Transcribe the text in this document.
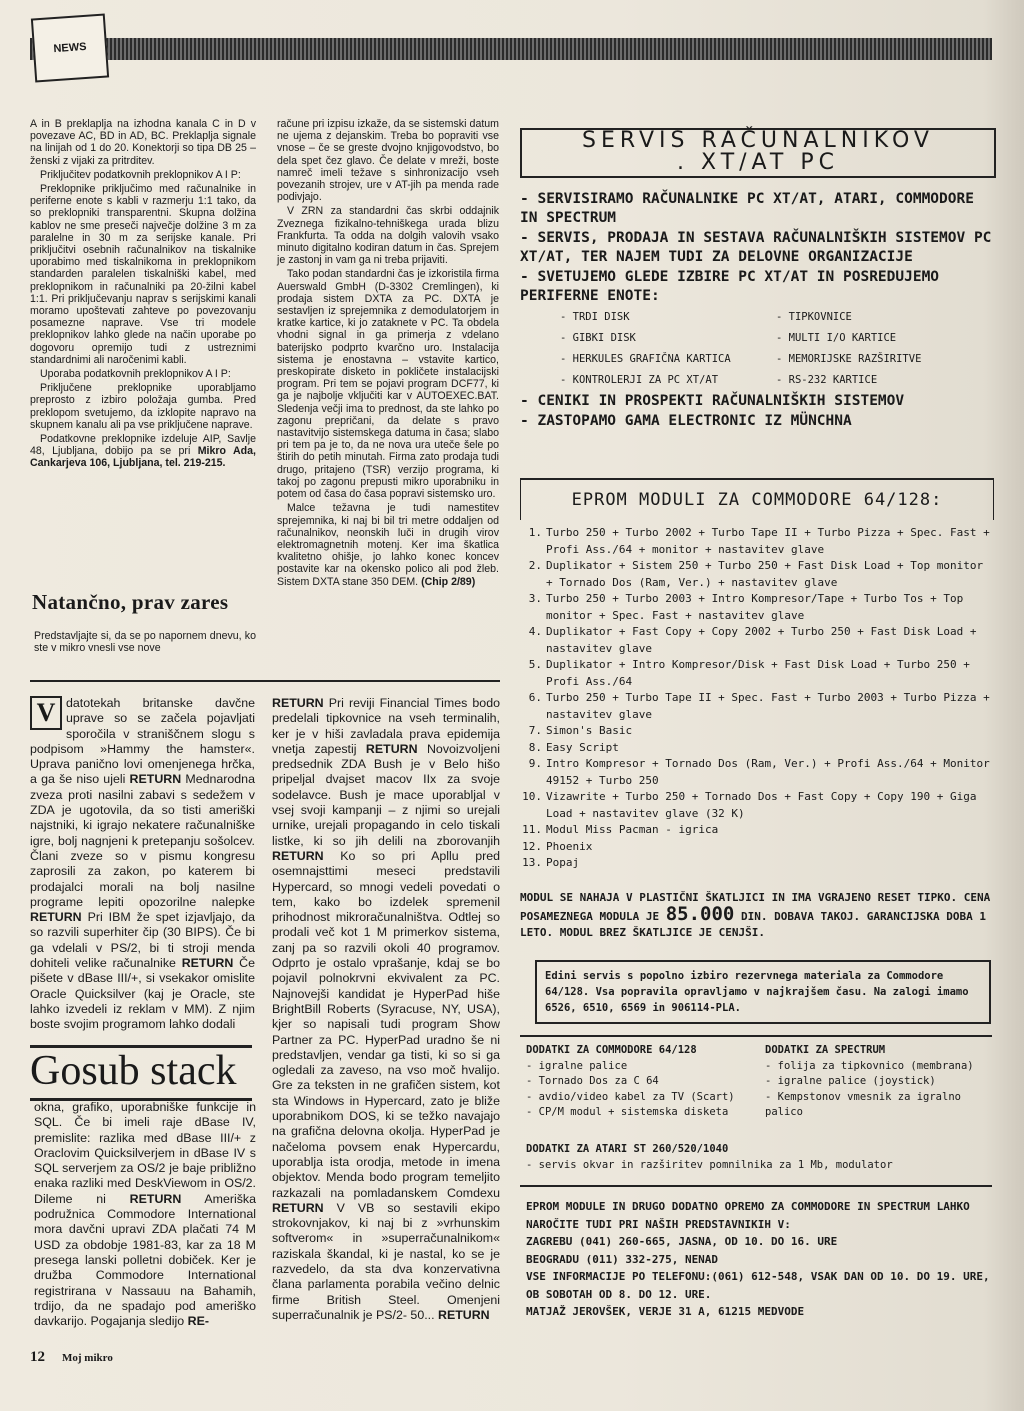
NEWS

A in B preklaplja na izhodna kanala C in D v povezave AC, BD in AD, BC. Preklaplja signale na linijah od 1 do 20. Konektorji so tipa DB 25 – ženski z vijaki za pritrditev.

Priključitev podatkovnih preklopnikov A I P:

Preklopnike priključimo med računalnike in periferne enote s kabli v razmerju 1:1 tako, da so preklopniki transparentni. Skupna dolžina kablov ne sme preseči največje dolžine 3 m za paralelne in 30 m za serijske kanale. Pri priključitvi osebnih računalnikov na tiskalnike uporabimo med tiskalnikoma in preklopnikom standarden paralelen tiskalniški kabel, med preklopnikom in računalniki pa 20-žilni kabel 1:1. Pri priključevanju naprav s serijskimi kanali moramo upoštevati zahteve po povezovanju posamezne naprave. Vse tri modele preklopnikov lahko glede na način uporabe po dogovoru opremijo tudi z ustreznimi standardnimi ali naročenimi kabli.

Uporaba podatkovnih preklopnikov A I P:

Priključene preklopnike uporabljamo preprosto z izbiro položaja gumba. Pred preklopom svetujemo, da izklopite napravo na skupnem kanalu ali pa vse priključene naprave.

Podatkovne preklopnike izdeluje AIP, Savlje 48, Ljubljana, dobijo pa se pri Mikro Ada, Cankarjeva 106, Ljubljana, tel. 219-215.

račune pri izpisu izkaže, da se sistemski datum ne ujema z dejanskim. Treba bo popraviti vse vnose – če se greste dvojno knjigovodstvo, bo dela spet čez glavo. Če delate v mreži, boste namreč imeli težave s sinhronizacijo vseh povezanih strojev, ure v AT-jih pa menda rade podivjajo.

V ZRN za standardni čas skrbi oddajnik Zveznega fizikalno-tehniškega urada blizu Frankfurta. Ta odda na dolgih valovih vsako minuto digitalno kodiran datum in čas. Sprejem je zastonj in vam ga ni treba prijaviti.

Tako podan standardni čas je izkoristila firma Auerswald GmbH (D-3302 Cremlingen), ki prodaja sistem DXTA za PC. DXTA je sestavljen iz sprejemnika z demodulatorjem in kratke kartice, ki jo zataknete v PC. Ta obdela vhodni signal in ga primerja z vdelano baterijsko podprto kvarčno uro. Instalacija sistema je enostavna – vstavite kartico, preskopirate disketo in pokličete instalacijski program. Pri tem se pojavi program DCF77, ki ga je najbolje vključiti kar v AUTOEXEC.BAT. Sledenja večji ima to prednost, da ste lahko po zagonu prepričani, da delate s pravo nastavitvijo sistemskega datuma in časa; slabo pri tem pa je to, da ne nova ura uteče šele po štirih do petih minutah. Firma zato prodaja tudi drugo, pritajeno (TSR) verzijo programa, ki takoj po zagonu prepusti mikro uporabniku in potem od časa do časa popravi sistemsko uro.

Malce težavna je tudi namestitev sprejemnika, ki naj bi bil tri metre oddaljen od računalnikov, neonskih luči in drugih virov elektromagnetnih motenj. Ker ima škatlica kvalitetno ohišje, jo lahko konec koncev postavite kar na okensko polico ali pod žleb. Sistem DXTA stane 350 DEM. (Chip 2/89)

Natančno, prav zares

Predstavljajte si, da se po napornem dnevu, ko ste v mikro vnesli vse nove

V datotekah britanske davčne uprave so se začela pojavljati sporočila v straniščnem slogu s podpisom »Hammy the hamster«. Uprava panično lovi omenjenega hrčka, a ga še niso ujeli RETURN Mednarodna zveza proti nasilni zabavi s sedežem v ZDA je ugotovila, da so tisti ameriški najstniki, ki igrajo nekatere računalniške igre, bolj nagnjeni k pretepanju sošolcev. Člani zveze so v pismu kongresu zaprosili za zakon, po katerem bi prodajalci morali na bolj nasilne programe lepiti opozorilne nalepke RETURN Pri IBM že spet izjavljajo, da so razvili superhiter čip (30 BIPS). Če bi ga vdelali v PS/2, bi ti stroji menda dohiteli velike računalnike RETURN Če pišete v dBase III/+, si vsekakor omislite Oracle Quicksilver (kaj je Oracle, ste lahko izvedeli iz reklam v MM). Z njim boste svojim programom lahko dodali

RETURN Pri reviji Financial Times bodo predelali tipkovnice na vseh terminalih, ker je v hiši zavladala prava epidemija vnetja zapestij RETURN Novoizvoljeni predsednik ZDA Bush je v Belo hišo pripeljal dvajset macov IIx za svoje sodelavce. Bush je mace uporabljal v vsej svoji kampanji – z njimi so urejali urnike, urejali propagando in celo tiskali listke, ki so jih delili na zborovanjih RETURN Ko so pri Apllu pred osemnajsttimi meseci predstavili Hypercard, so mnogi vedeli povedati o tem, kako bo izdelek spremenil prihodnost mikroračunalništva. Odtlej so prodali več kot 1 M primerkov sistema, zanj pa so razvili okoli 40 programov. Odprto je ostalo vprašanje, kdaj se bo pojavil polnokrvni ekvivalent za PC. Najnovejši kandidat je HyperPad hiše BrightBill Roberts (Syracuse, NY, USA), kjer so napisali tudi program Show Partner za PC. HyperPad uradno še ni predstavljen, vendar ga tisti, ki so si ga ogledali za zaveso, na vso moč hvalijo. Gre za teksten in ne grafičen sistem, kot sta Windows in Hypercard, zato je bliže uporabnikom DOS, ki se težko navajajo na grafična delovna okolja. HyperPad je načeloma povsem enak Hypercardu, uporablja ista orodja, metode in imena objektov. Menda bodo program temeljito razkazali na pomladanskem Comdexu RETURN V VB so sestavili ekipo strokovnjakov, ki naj bi z »vrhunskim softverom« in »superračunalnikom« raziskala škandal, ki je nastal, ko se je razvedelo, da sta dva konzervativna člana parlamenta porabila večino delnic firme British Steel. Omenjeni superračunalnik je PS/2- 50... RETURN

Gosub stack

okna, grafiko, uporabniške funkcije in SQL. Če bi imeli raje dBase IV, premislite: razlika med dBase III/+ z Oraclovim Quicksilverjem in dBase IV s SQL serverjem za OS/2 je baje približno enaka razliki med DeskViewom in OS/2. Dileme ni RETURN Ameriška podružnica Commodore International mora davčni upravi ZDA plačati 74 M USD za obdobje 1981-83, kar za 18 M presega lanski polletni dobiček. Ker je družba Commodore International registrirana v Nassauu na Bahamih, trdijo, da ne spadajo pod ameriško davkarijo. Pogajanja sledijo RE-

12 Moj mikro
SERVIS RAČUNALNIKOV
. XT/AT PC
- SERVISIRAMO RAČUNALNIKE PC XT/AT, ATARI, COMMODORE IN SPECTRUM
- SERVIS, PRODAJA IN SESTAVA RAČUNALNIŠKIH SISTEMOV PC XT/AT, TER NAJEM TUDI ZA DELOVNE ORGANIZACIJE
- SVETUJEMO GLEDE IZBIRE PC XT/AT IN POSREDUJEMO PERIFERNE ENOTE:
- TRDI DISK	- TIPKOVNICE
- GIBKI DISK	- MULTI I/O KARTICE
- HERKULES GRAFIČNA KARTICA	- MEMORIJSKE RAZŠIRITVE
- KONTROLERJI ZA PC XT/AT	- RS-232 KARTICE
- CENIKI IN PROSPEKTI RAČUNALNIŠKIH SISTEMOV
- ZASTOPAMO GAMA ELECTRONIC IZ MÜNCHNA
EPROM MODULI ZA COMMODORE 64/128:
1. Turbo 250 + Turbo 2002 + Turbo Tape II + Turbo Pizza + Spec. Fast + Profi Ass./64 + monitor + nastavitev glave
2. Duplikator + Sistem 250 + Turbo 250 + Fast Disk Load + Top monitor + Tornado Dos (Ram, Ver.) + nastavitev glave
3. Turbo 250 + Turbo 2003 + Intro Kompresor/Tape + Turbo Tos + Top monitor + Spec. Fast + nastavitev glave
4. Duplikator + Fast Copy + Copy 2002 + Turbo 250 + Fast Disk Load + nastavitev glave
5. Duplikator + Intro Kompresor/Disk + Fast Disk Load + Turbo 250 + Profi Ass./64
6. Turbo 250 + Turbo Tape II + Spec. Fast + Turbo 2003 + Turbo Pizza + nastavitev glave
7. Simon's Basic
8. Easy Script
9. Intro Kompresor + Tornado Dos (Ram, Ver.) + Profi Ass./64 + Monitor 49152 + Turbo 250
10. Vizawrite + Turbo 250 + Tornado Dos + Fast Copy + Copy 190 + Giga Load + nastavitev glave (32 K)
11. Modul Miss Pacman - igrica
12. Phoenix
13. Popaj
MODUL SE NAHAJA V PLASTIČNI ŠKATLJICI IN IMA VGRAJENO RESET TIPKO. CENA POSAMEZNEGA MODULA JE 85.000 DIN. DOBAVA TAKOJ. GARANCIJSKA DOBA 1 LETO. MODUL BREZ ŠKATLJICE JE CENJŠI.
Edini servis s popolno izbiro rezervnega materiala za Commodore 64/128. Vsa popravila opravljamo v najkrajšem času. Na zalogi imamo 6526, 6510, 6569 in 906114-PLA.
DODATKI ZA COMMODORE 64/128
- igralne palice
- Tornado Dos za C 64
- avdio/video kabel za TV (Scart)
- CP/M modul + sistemska disketa
DODATKI ZA SPECTRUM
- folija za tipkovnico (membrana)
- igralne palice (joystick)
- Kempstonov vmesnik za igralno palico
DODATKI ZA ATARI ST 260/520/1040
- servis okvar in razširitev pomnilnika za 1 Mb, modulator
EPROM MODULE IN DRUGO DODATNO OPREMO ZA COMMODORE IN SPECTRUM LAHKO NAROČITE TUDI PRI NAŠIH PREDSTAVNIKIH V:
ZAGREBU (041) 260-665, JASNA, OD 10. DO 16. URE
BEOGRADU (011) 332-275, NENAD
VSE INFORMACIJE PO TELEFONU:(061) 612-548, VSAK DAN OD 10. DO 19. URE, OB SOBOTAH OD 8. DO 12. URE.
MATJAŽ JEROVŠEK, VERJE 31 A, 61215 MEDVODE
